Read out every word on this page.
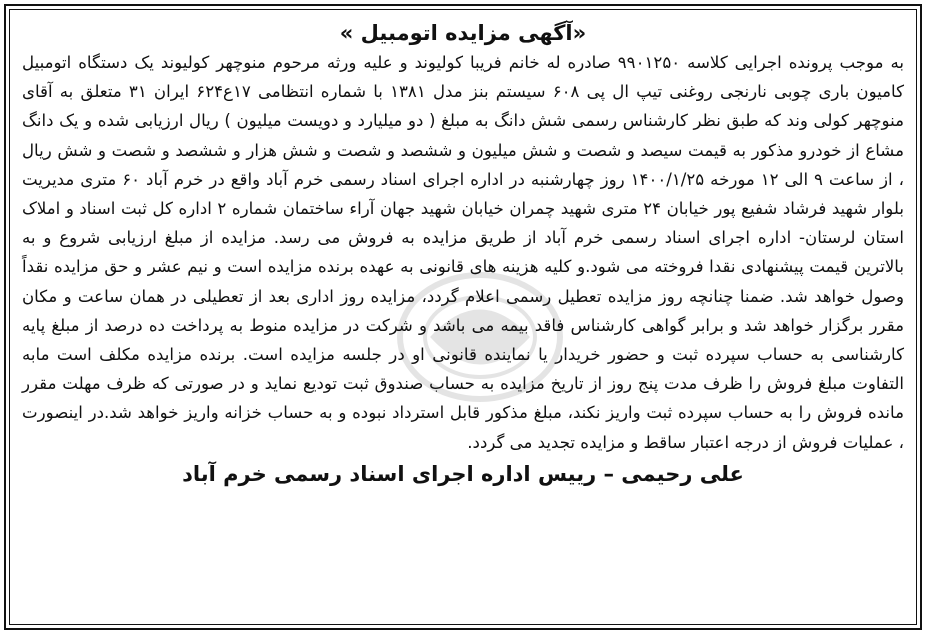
«آگهی مزایده اتومبیل »

به موجب پرونده اجرایی کلاسه ۹۹۰۱۲۵۰ صادره له خانم فریبا کولیوند و علیه ورثه مرحوم منوچهر کولیوند یک دستگاه اتومبیل کامیون باری چوبی نارنجی روغنی تیپ ال پی ۶۰۸ سیستم بنز مدل ۱۳۸۱ با شماره انتظامی ۱۷ع۶۲۴ ایران ۳۱ متعلق به آقای منوچهر کولی وند که طبق نظر کارشناس رسمی شش دانگ به مبلغ ( دو میلیارد و دویست میلیون ) ریال ارزیابی شده و یک دانگ مشاع از خودرو مذکور به قیمت سیصد و شصت و شش میلیون و ششصد و شصت و شش هزار و ششصد و شصت و شش ریال ، از ساعت ۹ الی ۱۲ مورخه ۱۴۰۰/۱/۲۵ روز چهارشنبه در اداره اجرای اسناد رسمی خرم آباد واقع در خرم آباد ۶۰ متری مدیریت بلوار شهید فرشاد شفیع پور خیابان ۲۴ متری شهید چمران خیابان شهید جهان آراء ساختمان شماره ۲ اداره کل ثبت اسناد و املاک استان لرستان- اداره اجرای اسناد رسمی خرم آباد از طریق مزایده به فروش می رسد. مزایده از مبلغ ارزیابی شروع و به بالاترین قیمت پیشنهادی نقدا فروخته می شود.و کلیه هزینه های قانونی به عهده برنده مزایده است و نیم عشر و حق مزایده نقداً وصول خواهد شد. ضمنا چنانچه روز مزایده تعطیل رسمی اعلام گردد، مزایده روز اداری بعد از تعطیلی در همان ساعت و مکان مقرر برگزار خواهد شد و برابر گواهی کارشناس فاقد بیمه می باشد و شرکت در مزایده منوط به پرداخت ده درصد از مبلغ پایه کارشناسی به حساب سپرده ثبت و حضور خریدار یا نماینده قانونی او در جلسه مزایده است. برنده مزایده مکلف است مابه التفاوت مبلغ فروش را ظرف مدت پنج روز از تاریخ مزایده به حساب صندوق ثبت تودیع نماید و در صورتی که ظرف مهلت مقرر مانده فروش را به حساب سپرده ثبت واریز نکند، مبلغ مذکور قابل استرداد نبوده و به حساب خزانه واریز خواهد شد.در اینصورت ، عملیات فروش از درجه اعتبار ساقط و مزایده تجدید می گردد.

علی رحیمی – رییس اداره اجرای اسناد رسمی خرم آباد
